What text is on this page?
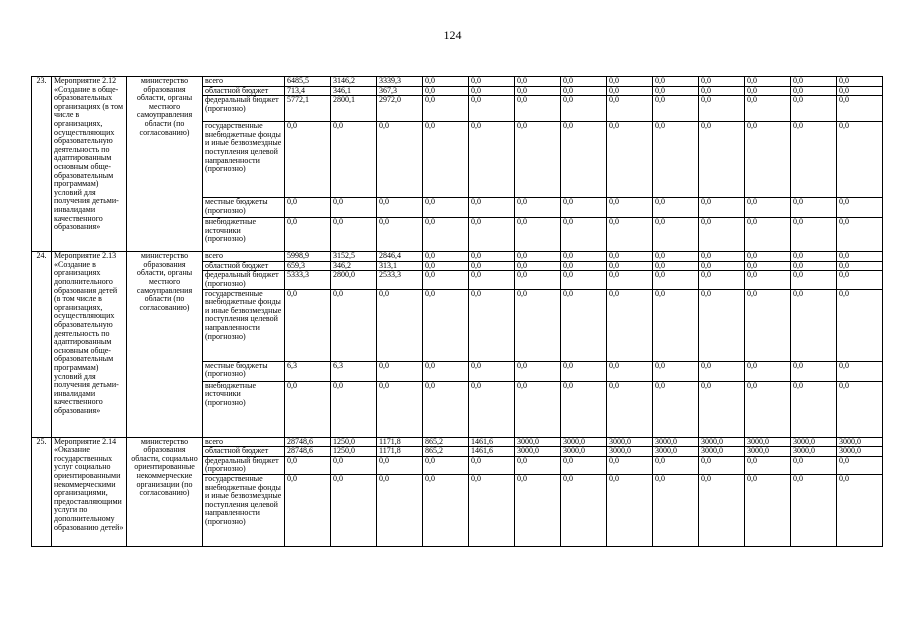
124
23.	Мероприятие 2.12 «Создание в обще-образовательных организациях (в том числе в организациях, осуществляющих образовательную деятельность по адаптированным основным обще-образовательным программам) условий для получения детьми-инвалидами качественного образования»	министерство образования области, органы местного самоуправления области (по согласованию)	всего	6485,5	3146,2	3339,3	0,0	0,0	0,0	0,0	0,0	0,0	0,0	0,0	0,0	0,0
			областной бюджет	713,4	346,1	367,3	0,0	0,0	0,0	0,0	0,0	0,0	0,0	0,0	0,0	0,0
			федеральный бюджет (прогнозно)	5772,1	2800,1	2972,0	0,0	0,0	0,0	0,0	0,0	0,0	0,0	0,0	0,0	0,0
			государственные внебюджетные фонды и иные безвозмездные поступления целевой направленности (прогнозно)	0,0	0,0	0,0	0,0	0,0	0,0	0,0	0,0	0,0	0,0	0,0	0,0	0,0
			местные бюджеты (прогнозно)	0,0	0,0	0,0	0,0	0,0	0,0	0,0	0,0	0,0	0,0	0,0	0,0	0,0
			внебюджетные источники (прогнозно)	0,0	0,0	0,0	0,0	0,0	0,0	0,0	0,0	0,0	0,0	0,0	0,0	0,0
24.	Мероприятие 2.13 «Создание в организациях дополнительного образования детей (в том числе в организациях, осуществляющих образовательную деятельность по адаптированным основным обще-образовательным программам) условий для получения детьми-инвалидами качественного образования»	министерство образования области, органы местного самоуправления области (по согласованию)	всего	5998,9	3152,5	2846,4	0,0	0,0	0,0	0,0	0,0	0,0	0,0	0,0	0,0	0,0
			областной бюджет	659,3	346,2	313,1	0,0	0,0	0,0	0,0	0,0	0,0	0,0	0,0	0,0	0,0
			федеральный бюджет (прогнозно)	5333,3	2800,0	2533,3	0,0	0,0	0,0	0,0	0,0	0,0	0,0	0,0	0,0	0,0
			государственные внебюджетные фонды и иные безвозмездные поступления целевой направленности (прогнозно)	0,0	0,0	0,0	0,0	0,0	0,0	0,0	0,0	0,0	0,0	0,0	0,0	0,0
			местные бюджеты (прогнозно)	6,3	6,3	0,0	0,0	0,0	0,0	0,0	0,0	0,0	0,0	0,0	0,0	0,0
			внебюджетные источники (прогнозно)	0,0	0,0	0,0	0,0	0,0	0,0	0,0	0,0	0,0	0,0	0,0	0,0	0,0
25.	Мероприятие 2.14 «Оказание государственных услуг социально ориентированными некоммерческими организациями, предоставляющими услуги по дополнительному образованию детей»	министерство образования области, социально ориентированные некоммерческие организации (по согласованию)	всего	28748,6	1250,0	1171,8	865,2	1461,6	3000,0	3000,0	3000,0	3000,0	3000,0	3000,0	3000,0	3000,0
			областной бюджет	28748,6	1250,0	1171,8	865,2	1461,6	3000,0	3000,0	3000,0	3000,0	3000,0	3000,0	3000,0	3000,0
			федеральный бюджет (прогнозно)	0,0	0,0	0,0	0,0	0,0	0,0	0,0	0,0	0,0	0,0	0,0	0,0	0,0
			государственные внебюджетные фонды и иные безвозмездные поступления целевой направленности (прогнозно)	0,0	0,0	0,0	0,0	0,0	0,0	0,0	0,0	0,0	0,0	0,0	0,0	0,0
